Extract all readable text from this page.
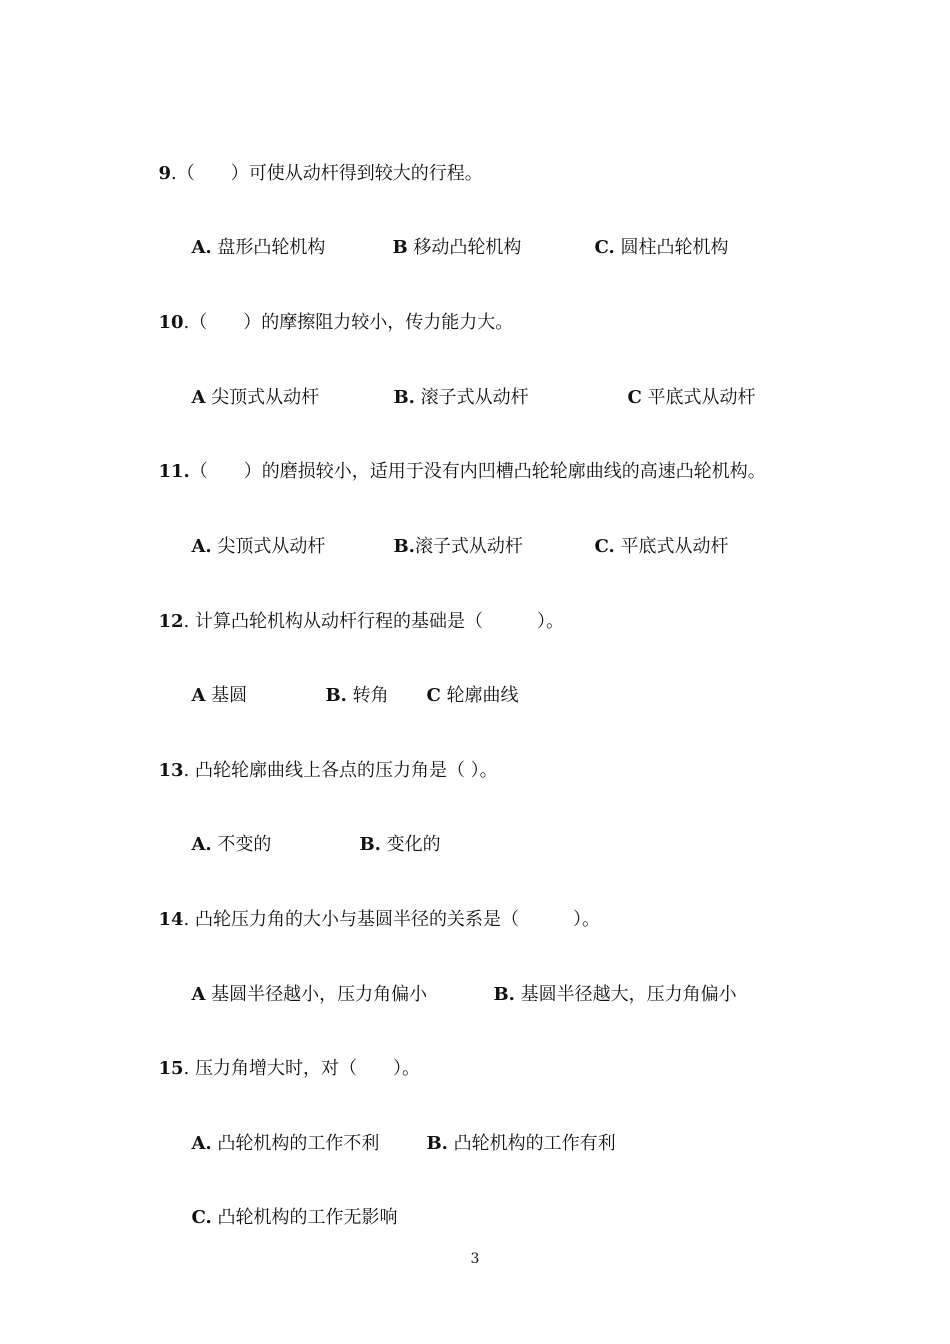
9.（　　）可使从动杆得到较大的行程。

A. 盘形凸轮机构	B 移动凸轮机构	C. 圆柱凸轮机构

10.（　　）的摩擦阻力较小，传力能力大。

A 尖顶式从动杆	B. 滚子式从动杆	C 平底式从动杆

11.（　　）的磨损较小，适用于没有内凹槽凸轮轮廓曲线的高速凸轮机构。

A. 尖顶式从动杆	B.滚子式从动杆	C. 平底式从动杆

12. 计算凸轮机构从动杆行程的基础是（　　　）。

A 基圆	B. 转角	C 轮廓曲线

13. 凸轮轮廓曲线上各点的压力角是（ ）。

A. 不变的	B. 变化的

14. 凸轮压力角的大小与基圆半径的关系是（　　　）。

A 基圆半径越小，压力角偏小	B. 基圆半径越大，压力角偏小

15. 压力角增大时，对（　　）。

A. 凸轮机构的工作不利	B. 凸轮机构的工作有利

C. 凸轮机构的工作无影响

3
